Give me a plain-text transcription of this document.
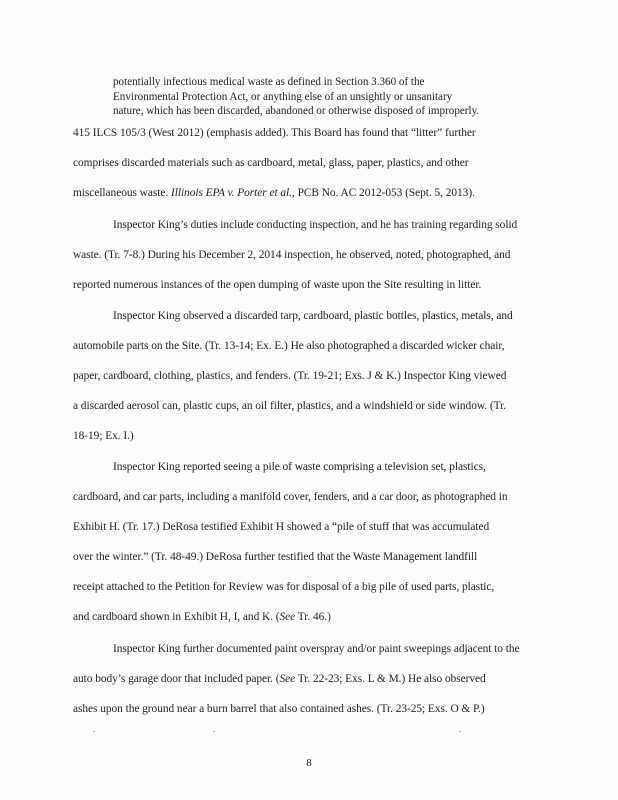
potentially infectious medical waste as defined in Section 3.360 of the
Environmental Protection Act, or anything else of an unsightly or unsanitary
nature, which has been discarded, abandoned or otherwise disposed of improperly.
415 ILCS 105/3 (West 2012) (emphasis added). This Board has found that “litter” further
comprises discarded materials such as cardboard, metal, glass, paper, plastics, and other
miscellaneous waste. Illinois EPA v. Porter et al., PCB No. AC 2012-053 (Sept. 5, 2013).
Inspector King’s duties include conducting inspection, and he has training regarding solid
waste. (Tr. 7-8.) During his December 2, 2014 inspection, he observed, noted, photographed, and
reported numerous instances of the open dumping of waste upon the Site resulting in litter.
Inspector King observed a discarded tarp, cardboard, plastic bottles, plastics, metals, and
automobile parts on the Site. (Tr. 13-14; Ex. E.) He also photographed a discarded wicker chair,
paper, cardboard, clothing, plastics, and fenders. (Tr. 19-21; Exs. J & K.) Inspector King viewed
a discarded aerosol can, plastic cups, an oil filter, plastics, and a windshield or side window. (Tr.
18-19; Ex. I.)
Inspector King reported seeing a pile of waste comprising a television set, plastics,
cardboard, and car parts, including a manifold cover, fenders, and a car door, as photographed in
Exhibit H. (Tr. 17.) DeRosa testified Exhibit H showed a “pile of stuff that was accumulated
over the winter.” (Tr. 48-49.) DeRosa further testified that the Waste Management landfill
receipt attached to the Petition for Review was for disposal of a big pile of used parts, plastic,
and cardboard shown in Exhibit H, I, and K. (See Tr. 46.)
Inspector King further documented paint overspray and/or paint sweepings adjacent to the
auto body’s garage door that included paper. (See Tr. 22-23; Exs. L & M.) He also observed
ashes upon the ground near a burn barrel that also contained ashes. (Tr. 23-25; Exs. O & P.)
8
